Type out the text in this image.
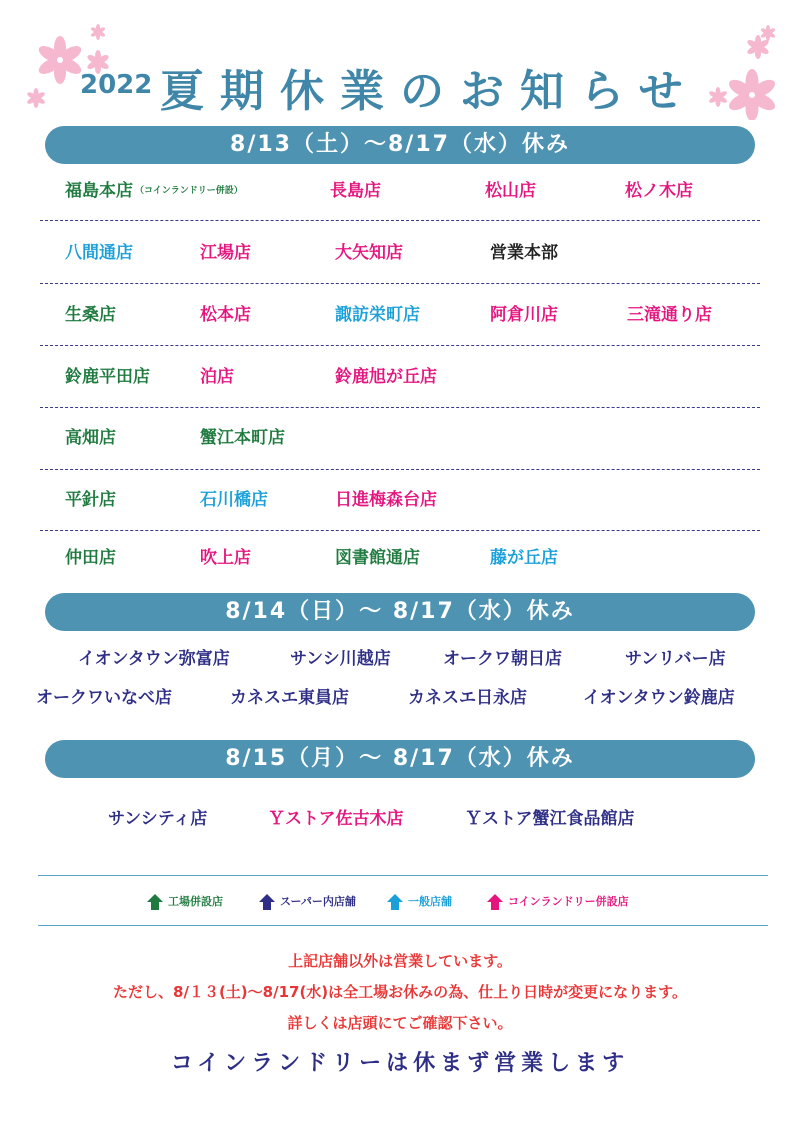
2022 夏期休業のお知らせ
8/13（土）～8/17（水）休み
福島本店 （コインランドリー併設）	長島店	松山店	松ノ木店
八間通店	江場店	大矢知店	営業本部
生桑店	松本店	諏訪栄町店	阿倉川店	三滝通り店
鈴鹿平田店	泊店	鈴鹿旭が丘店
高畑店	蟹江本町店
平針店	石川橋店	日進梅森台店
仲田店	吹上店	図書館通店	藤が丘店
8/14（日）～ 8/17（水）休み
イオンタウン弥富店	サンシ川越店	オークワ朝日店	サンリバー店
オークワいなべ店	カネスエ東員店	カネスエ日永店	イオンタウン鈴鹿店
8/15（月）～ 8/17（水）休み
サンシティ店	Ｙストア佐古木店	Ｙストア蟹江食品館店
工場併設店	スーパー内店舗	一般店舗	コインランドリー併設店
上記店舗以外は営業しています。
ただし、8/１３(土)～8/17(水)は全工場お休みの為、仕上り日時が変更になります。
詳しくは店頭にてご確認下さい。
コインランドリーは休まず営業します
